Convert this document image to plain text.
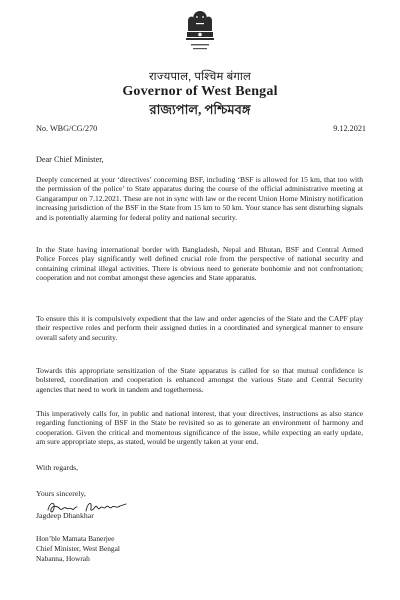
राज्यपाल, पश्चिम बंगाल

Governor of West Bengal

রাজ্যপাল, পশ্চিমবঙ্গ

No. WBG/CG/270	9.12.2021
Dear Chief Minister,

Deeply concerned at your ‘directives’ concerning BSF, including ‘BSF is allowed for 15 km, that too with the permission of the police’ to State apparatus during the course of the official administrative meeting at Gangarampur on 7.12.2021. These are not in sync with law or the recent Union Home Ministry notification increasing jurisdiction of the BSF in the State from 15 km to 50 km. Your stance has sent disturbing signals and is potentially alarming for federal polity and national security.

In the State having international border with Bangladesh, Nepal and Bhutan, BSF and Central Armed Police Forces play significantly well defined crucial role from the perspective of national security and containing criminal illegal activities. There is obvious need to generate bonhomie and not confrontation; cooperation and not combat amongst these agencies and State apparatus.

To ensure this it is compulsively expedient that the law and order agencies of the State and the CAPF play their respective roles and perform their assigned duties in a coordinated and synergical manner to ensure overall safety and security.

Towards this appropriate sensitization of the State apparatus is called for so that mutual confidence is bolstered, coordination and cooperation is enhanced amongst the various State and Central Security agencies that need to work in tandem and togetherness.

This imperatively calls for, in public and national interest, that your directives, instructions as also stance regarding functioning of BSF in the State be revisited so as to generate an environment of harmony and cooperation. Given the critical and momentous significance of the issue, while expecting an early update, am sure appropriate steps, as stated, would be urgently taken at your end.

With regards,
Yours sincerely,
Jagdeep Dhankhar
Hon’ble Mamata Banerjee
Chief Minister, West Bengal
Nabanna, Howrah
